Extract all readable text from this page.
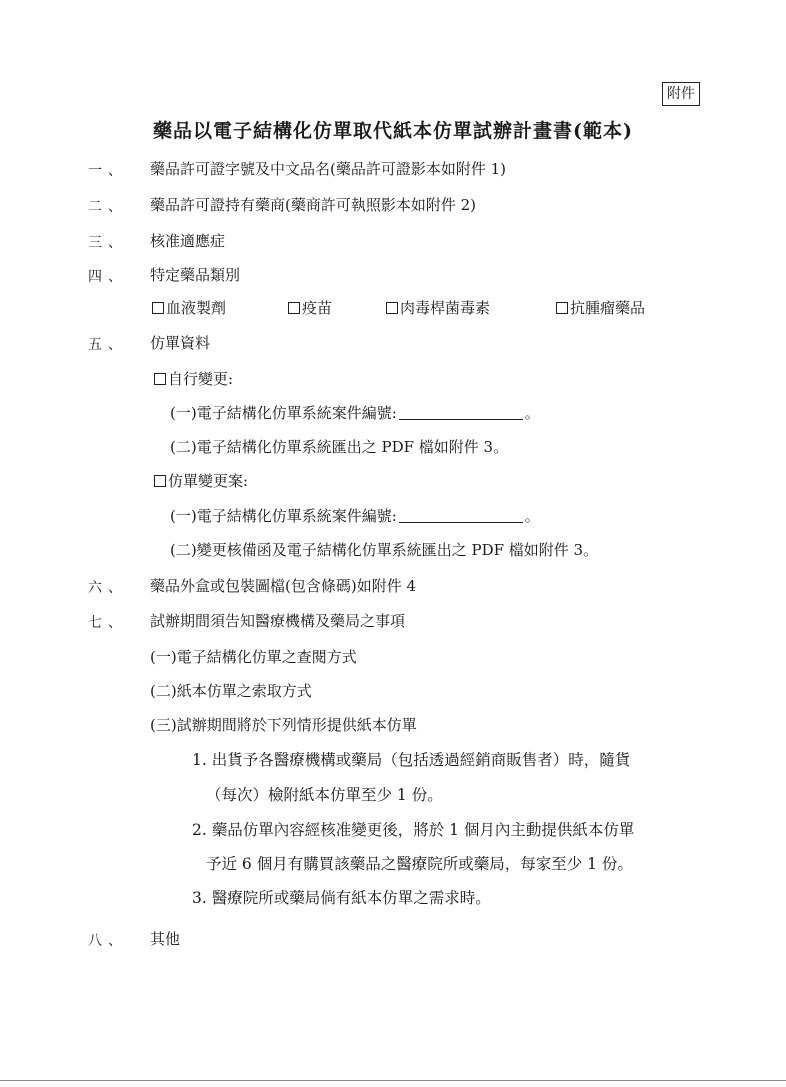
附件
藥品以電子結構化仿單取代紙本仿單試辦計畫書(範本)
一、 藥品許可證字號及中文品名(藥品許可證影本如附件 1)
二、 藥品許可證持有藥商(藥商許可執照影本如附件 2)
三、 核准適應症
四、 特定藥品類別
血液製劑	疫苗	肉毒桿菌毒素	抗腫瘤藥品
五、 仿單資料
自行變更:
(一)電子結構化仿單系統案件編號:	。
(二)電子結構化仿單系統匯出之 PDF 檔如附件 3。
仿單變更案:
(一)電子結構化仿單系統案件編號:	。
(二)變更核備函及電子結構化仿單系統匯出之 PDF 檔如附件 3。
六、 藥品外盒或包裝圖檔(包含條碼)如附件 4
七、 試辦期間須告知醫療機構及藥局之事項
(一)電子結構化仿單之查閱方式
(二)紙本仿單之索取方式
(三)試辦期間將於下列情形提供紙本仿單
1. 出貨予各醫療機構或藥局（包括透過經銷商販售者）時，隨貨
（每次）檢附紙本仿單至少 1 份。
2. 藥品仿單內容經核准變更後，將於 1 個月內主動提供紙本仿單
予近 6 個月有購買該藥品之醫療院所或藥局，每家至少 1 份。
3. 醫療院所或藥局倘有紙本仿單之需求時。
八、 其他
